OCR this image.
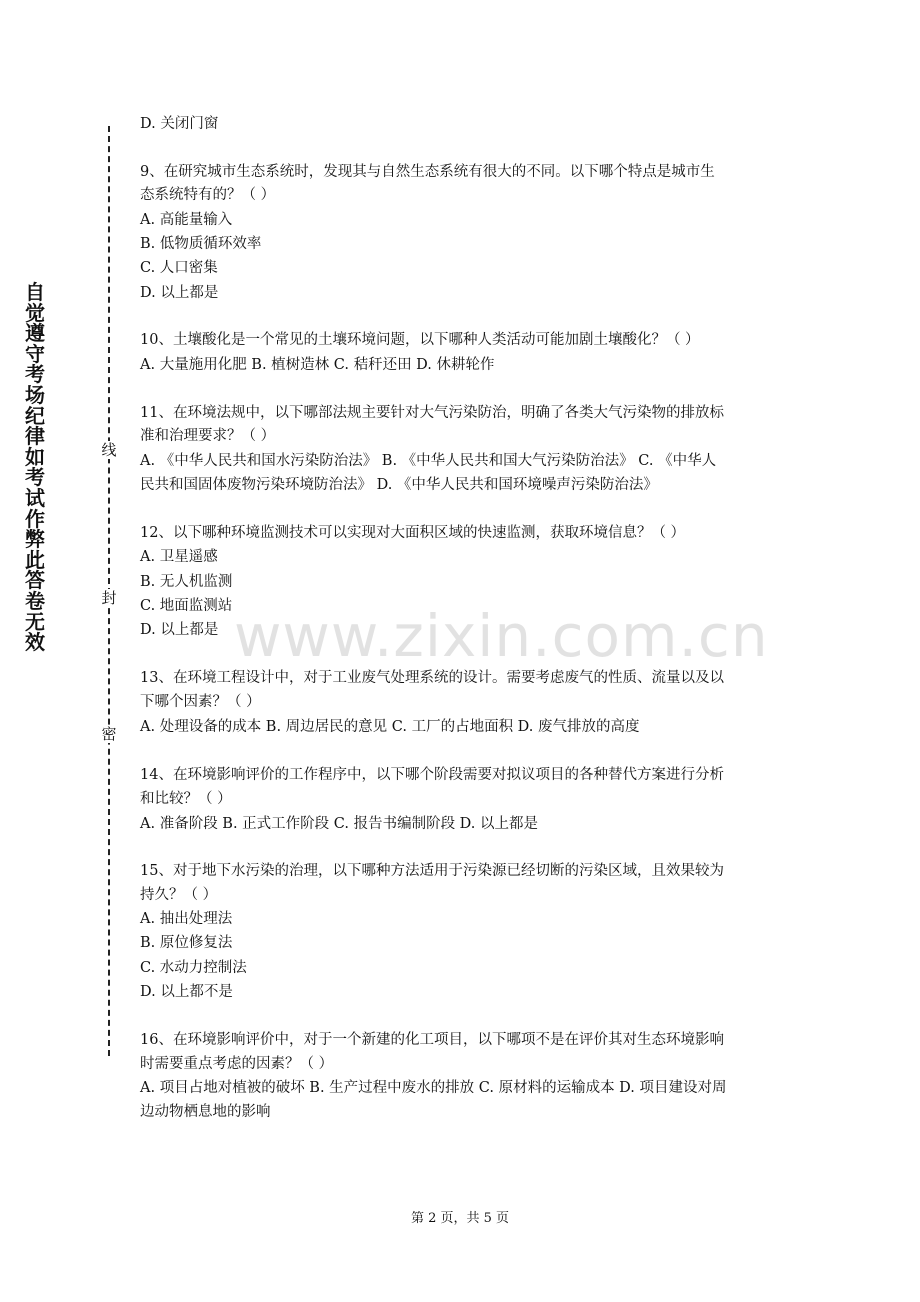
自
觉
遵
守
考
场
纪
律
如
考
试
作
弊
此
答
卷
无
效
线
封
密
www.zixin.com.cn
D. 关闭门窗
9、在研究城市生态系统时，发现其与自然生态系统有很大的不同。以下哪个特点是城市生
态系统特有的？（ ）
A. 高能量输入
B. 低物质循环效率
C. 人口密集
D. 以上都是
10、土壤酸化是一个常见的土壤环境问题，以下哪种人类活动可能加剧土壤酸化？（ ）
A. 大量施用化肥 B. 植树造林 C. 秸秆还田 D. 休耕轮作
11、在环境法规中，以下哪部法规主要针对大气污染防治，明确了各类大气污染物的排放标
准和治理要求？（ ）
A. 《中华人民共和国水污染防治法》 B. 《中华人民共和国大气污染防治法》 C. 《中华人
民共和国固体废物污染环境防治法》 D. 《中华人民共和国环境噪声污染防治法》
12、以下哪种环境监测技术可以实现对大面积区域的快速监测，获取环境信息？（ ）
A. 卫星遥感
B. 无人机监测
C. 地面监测站
D. 以上都是
13、在环境工程设计中，对于工业废气处理系统的设计。需要考虑废气的性质、流量以及以
下哪个因素？（ ）
A. 处理设备的成本 B. 周边居民的意见 C. 工厂的占地面积 D. 废气排放的高度
14、在环境影响评价的工作程序中，以下哪个阶段需要对拟议项目的各种替代方案进行分析
和比较？（ ）
A. 准备阶段 B. 正式工作阶段 C. 报告书编制阶段 D. 以上都是
15、对于地下水污染的治理，以下哪种方法适用于污染源已经切断的污染区域，且效果较为
持久？（ ）
A. 抽出处理法
B. 原位修复法
C. 水动力控制法
D. 以上都不是
16、在环境影响评价中，对于一个新建的化工项目，以下哪项不是在评价其对生态环境影响
时需要重点考虑的因素？（ ）
A. 项目占地对植被的破坏 B. 生产过程中废水的排放 C. 原材料的运输成本 D. 项目建设对周
边动物栖息地的影响
第 2 页，共 5 页
